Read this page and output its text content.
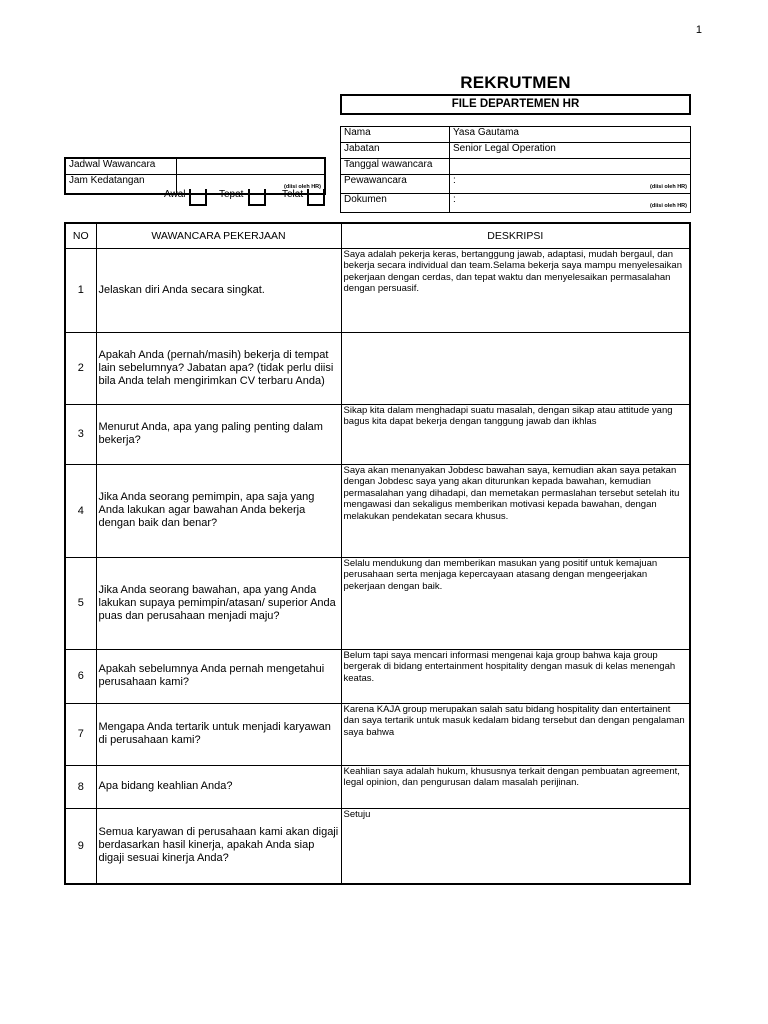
1
REKRUTMEN
FILE DEPARTEMEN HR
Nama	Yasa Gautama
Jabatan	Senior Legal Operation
Tanggal wawancara	
Pewawancara	:
(diisi oleh HR)

Dokumen	:
(diisi oleh HR)
Jadwal Wawancara	
Jam Kedatangan	(diisi oleh HR)
Awal	Tepat	Telat
NO	WAWANCARA PEKERJAAN	DESKRIPSI
1	Jelaskan diri Anda secara singkat.	Saya adalah pekerja keras, bertanggung jawab, adaptasi, mudah bergaul, dan bekerja secara individual dan team.Selama bekerja saya mampu menyelesaikan pekerjaan dengan cerdas, dan tepat waktu dan menyelesaikan permasalahan dengan persuasif.
2	Apakah Anda (pernah/masih) bekerja di tempat lain sebelumnya? Jabatan apa? (tidak perlu diisi bila Anda telah mengirimkan CV terbaru Anda)	
3	Menurut Anda, apa yang paling penting dalam bekerja?	Sikap kita dalam menghadapi suatu masalah, dengan sikap atau attitude yang bagus kita dapat bekerja dengan tanggung jawab dan ikhlas
4	Jika Anda seorang pemimpin, apa saja yang Anda lakukan agar bawahan Anda bekerja dengan baik dan benar?	Saya akan menanyakan Jobdesc bawahan saya, kemudian akan saya petakan dengan Jobdesc saya yang akan diturunkan kepada bawahan, kemudian permasalahan yang dihadapi, dan memetakan permaslahan tersebut setelah itu mengawasi dan sekaligus memberikan motivasi kepada bawahan, dengan melakukan pendekatan secara khusus.
5	Jika Anda seorang bawahan, apa yang Anda lakukan supaya pemimpin/atasan/ superior Anda puas dan perusahaan menjadi maju?	Selalu mendukung dan memberikan masukan yang positif untuk kemajuan perusahaan serta menjaga kepercayaan atasang dengan mengeerjakan pekerjaan dengan baik.
6	Apakah sebelumnya Anda pernah mengetahui perusahaan kami?	Belum tapi saya mencari informasi mengenai kaja group bahwa kaja group bergerak di bidang entertainment hospitality dengan masuk di kelas menengah keatas.
7	Mengapa Anda tertarik untuk menjadi karyawan di perusahaan kami?	Karena KAJA group merupakan salah satu bidang hospitality dan entertainent dan saya tertarik untuk masuk kedalam bidang tersebut dan dengan pengalaman saya bahwa
8	Apa bidang keahlian Anda?	Keahlian saya adalah hukum, khususnya terkait dengan pembuatan agreement, legal opinion, dan pengurusan dalam masalah perijinan.
9	Semua karyawan di perusahaan kami akan digaji berdasarkan hasil kinerja, apakah Anda siap digaji sesuai kinerja Anda?	Setuju
